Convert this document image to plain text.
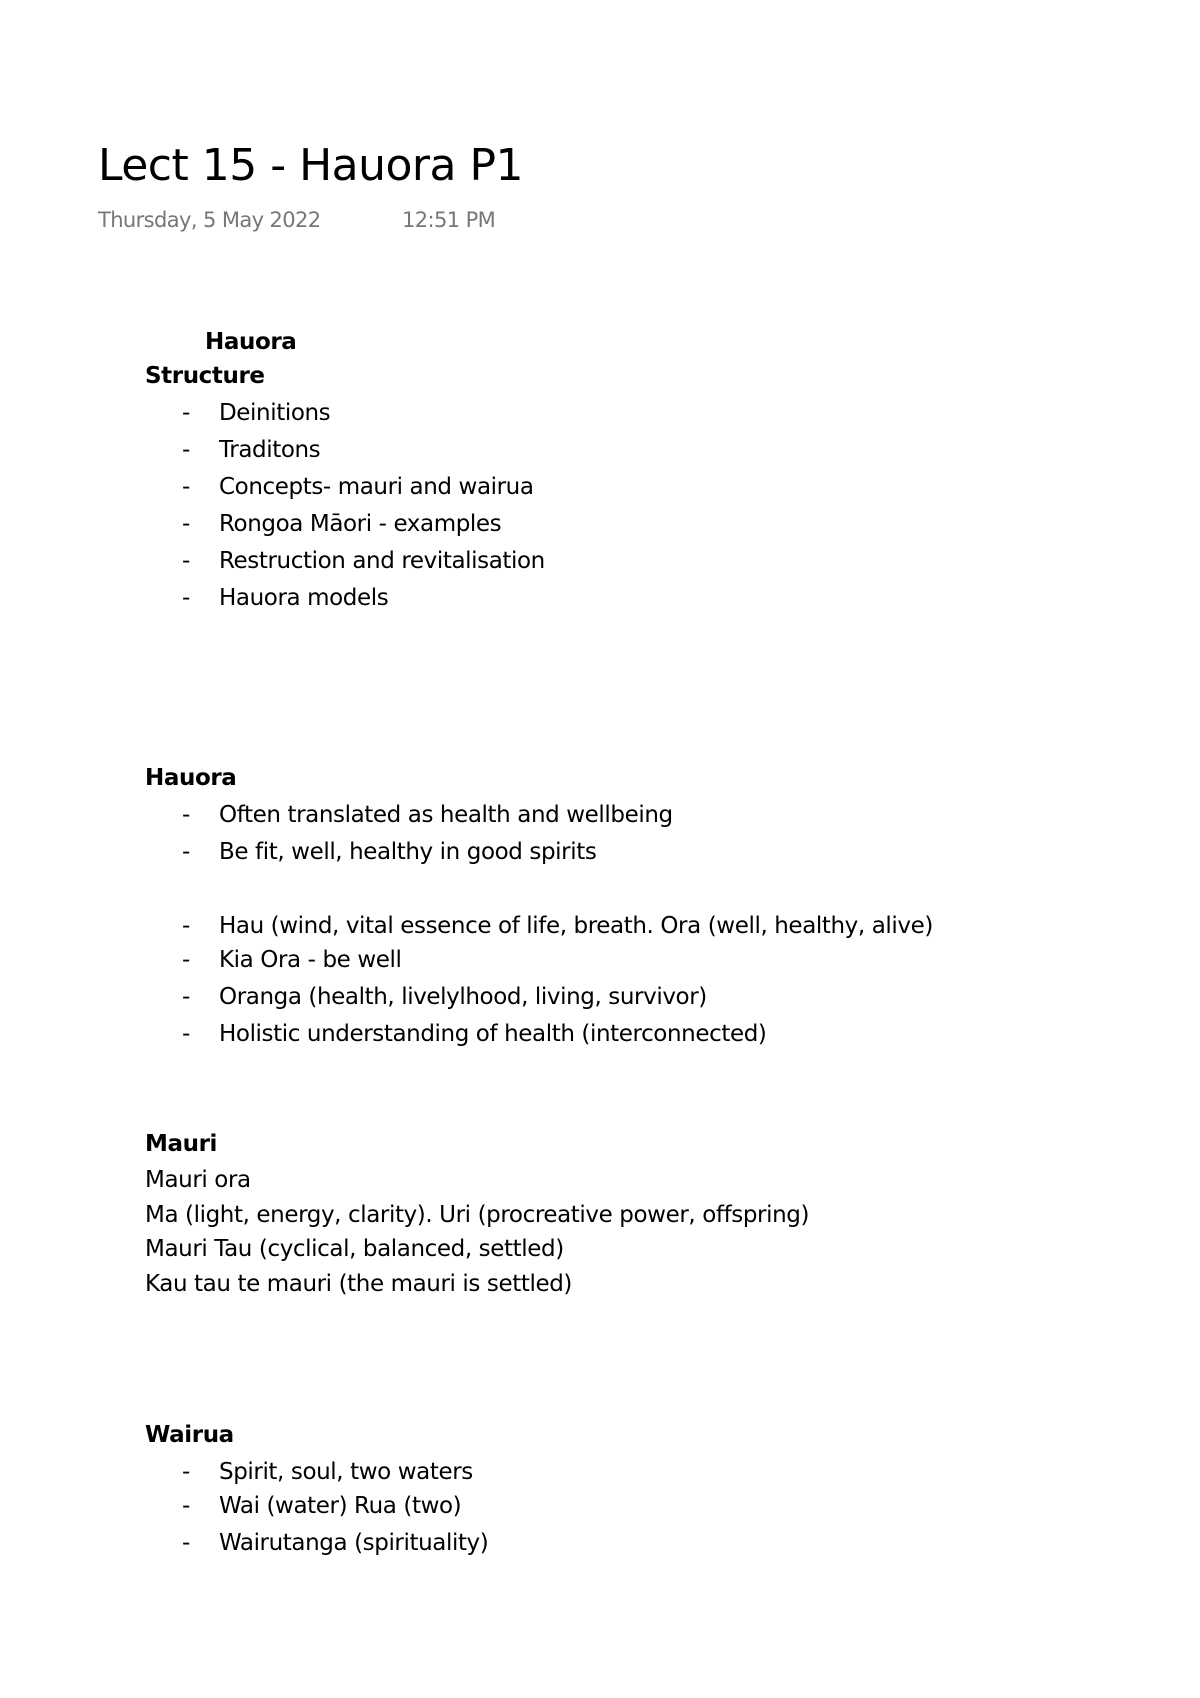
Lect 15 - Hauora P1
Thursday, 5 May 2022	12:51 PM
Hauora
Structure
-	Deinitions
-	Traditons
-	Concepts- mauri and wairua
-	Rongoa Māori - examples
-	Restruction and revitalisation
-	Hauora models
Hauora
-	Often translated as health and wellbeing
-	Be fit, well, healthy in good spirits
-	Hau (wind, vital essence of life, breath. Ora (well, healthy, alive)
-	Kia Ora - be well
-	Oranga (health, livelylhood, living, survivor)
-	Holistic understanding of health (interconnected)
Mauri
Mauri ora
Ma (light, energy, clarity). Uri (procreative power, offspring)
Mauri Tau (cyclical, balanced, settled)
Kau tau te mauri (the mauri is settled)
Wairua
-	Spirit, soul, two waters
-	Wai (water) Rua (two)
-	Wairutanga (spirituality)
